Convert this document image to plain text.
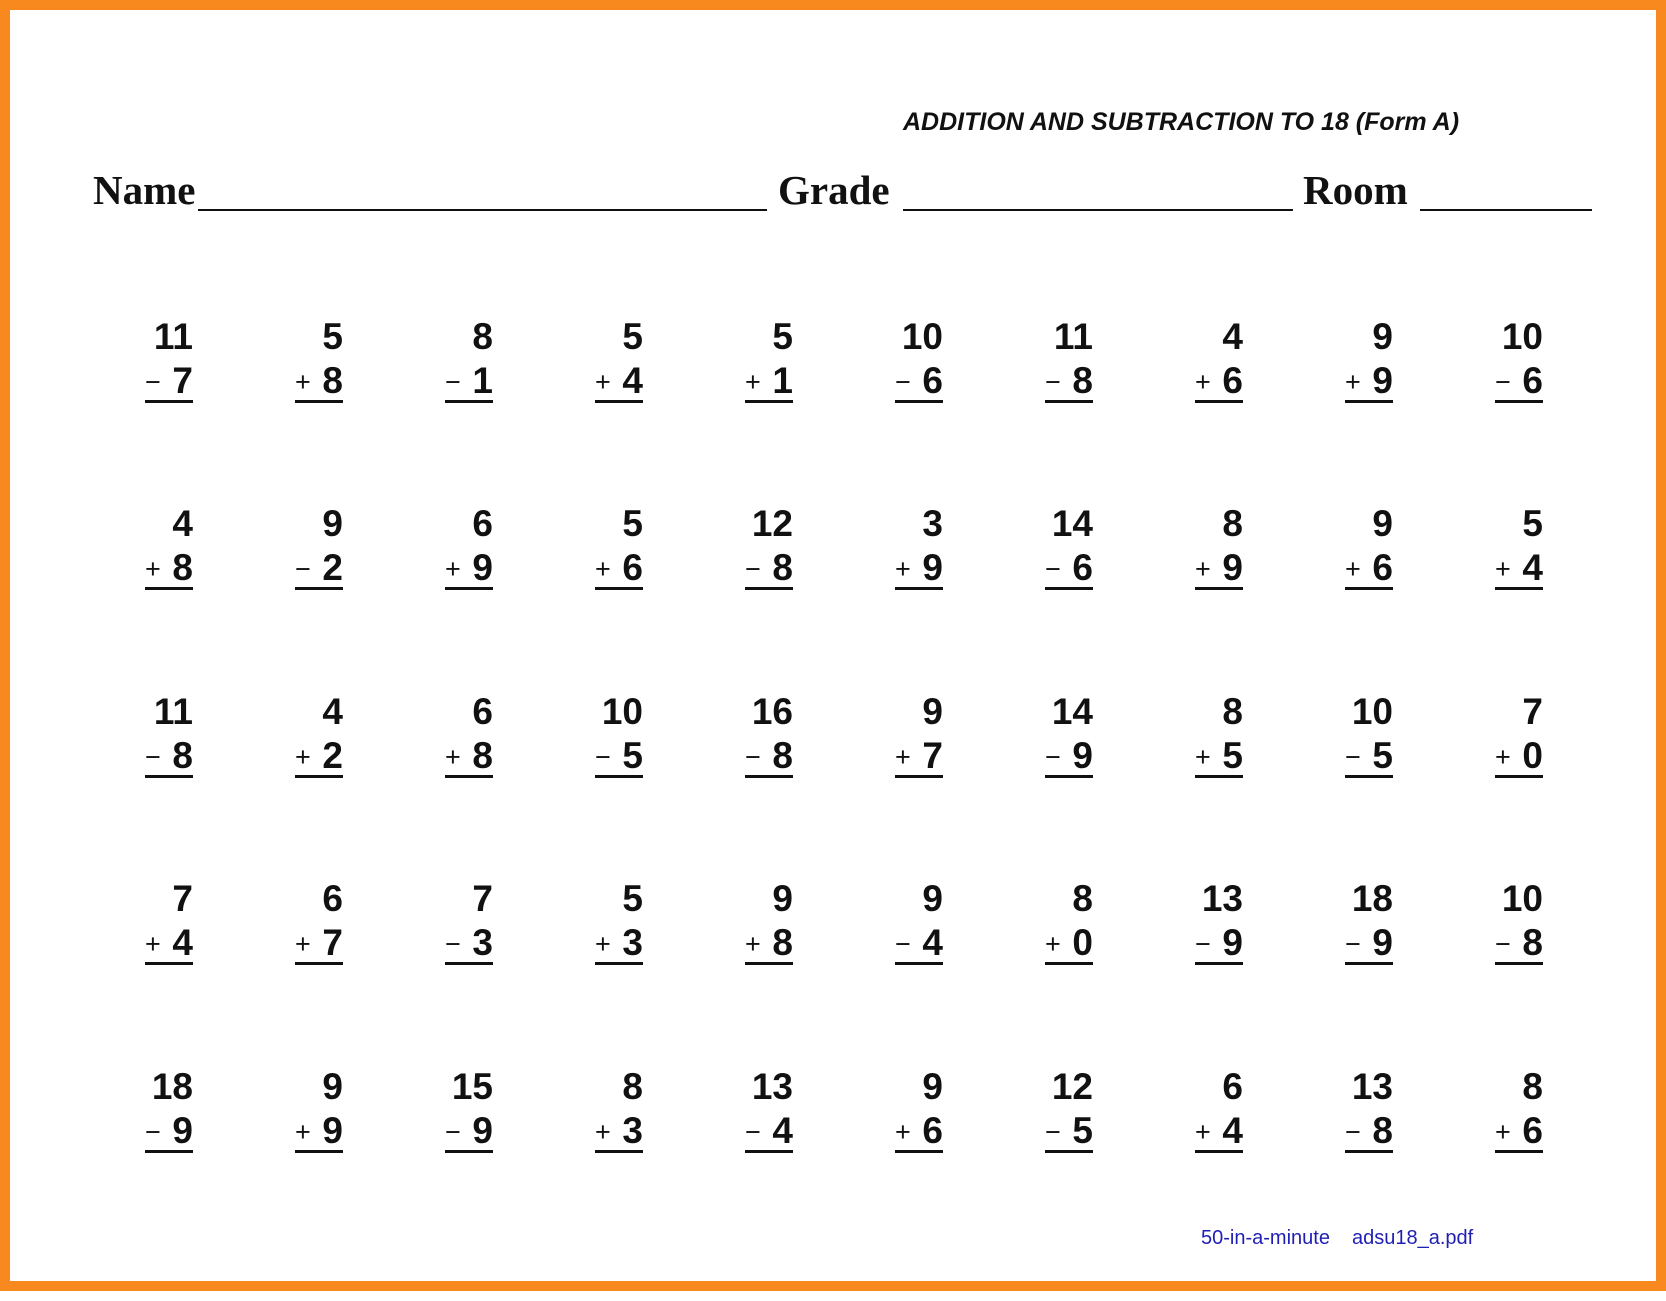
ADDITION AND SUBTRACTION TO 18 (Form A)
Name	Grade	Room
11
− 7
5
+ 8
8
− 1
5
+ 4
5
+ 1
10
− 6
11
− 8
4
+ 6
9
+ 9
10
− 6
4
+ 8
9
− 2
6
+ 9
5
+ 6
12
− 8
3
+ 9
14
− 6
8
+ 9
9
+ 6
5
+ 4
11
− 8
4
+ 2
6
+ 8
10
− 5
16
− 8
9
+ 7
14
− 9
8
+ 5
10
− 5
7
+ 0
7
+ 4
6
+ 7
7
− 3
5
+ 3
9
+ 8
9
− 4
8
+ 0
13
− 9
18
− 9
10
− 8
18
− 9
9
+ 9
15
− 9
8
+ 3
13
− 4
9
+ 6
12
− 5
6
+ 4
13
− 8
8
+ 6
50-in-a-minute adsu18_a.pdf
